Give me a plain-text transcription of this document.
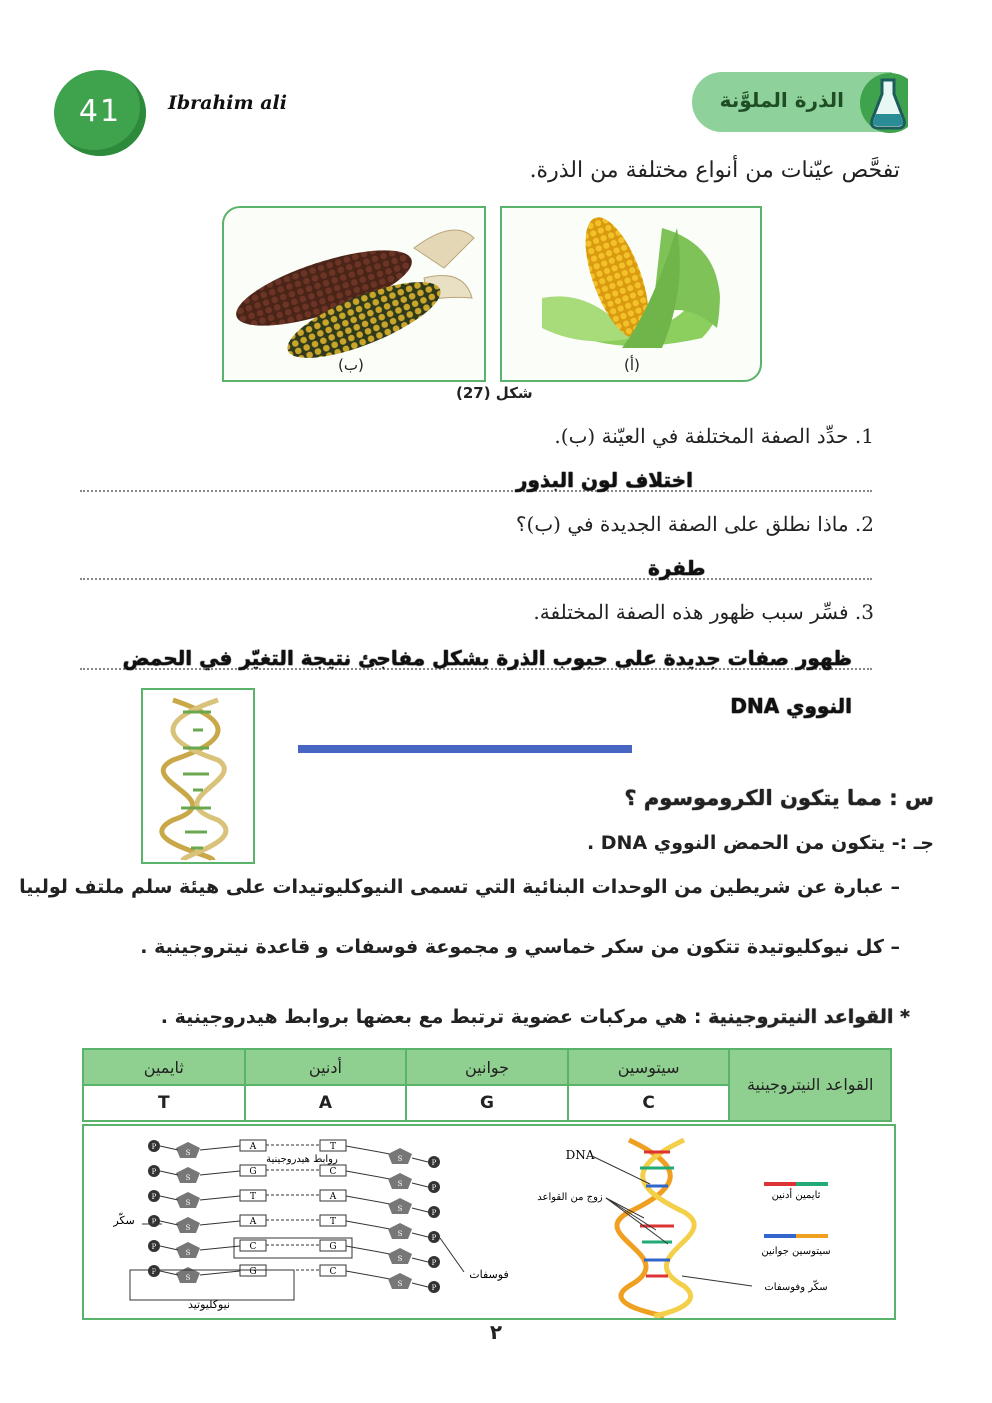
41	Ibrahim ali	الذرة الملوَّنة
تفحَّص عيّنات من أنواع مختلفة من الذرة.
(ب)	(أ)
شكل (27)
1. حدِّد الصفة المختلفة في العيّنة (ب).
اختلاف لون البذور
2. ماذا نطلق على الصفة الجديدة في (ب)؟
طفرة
3. فسِّر سبب ظهور هذه الصفة المختلفة.
ظهور صفات جديدة على حبوب الذرة بشكل مفاجئ نتيجة التغيّر في الحمض
النووي DNA
س : مما يتكون الكروموسوم ؟
جـ :- يتكون من الحمض النووي DNA .
– عبارة عن شريطين من الوحدات البنائية التي تسمى النيوكليوتيدات على هيئة سلم ملتف لولبيا
– كل نيوكليوتيدة تتكون من سكر خماسي و مجموعة فوسفات و قاعدة نيتروجينية .
* القواعد النيتروجينية : هي مركبات عضوية ترتبط مع بعضها بروابط هيدروجينية .
القواعد النيتروجينية	سيتوسين	جوانين	أدنين	ثايمين
	C	G	A	T
P
S
A	T
S	P
P
S
G	C
S	P
P
S
T	A
S	P
P
S
A	T
S	P
P
S
C	G
S	P
P
S
G	C
S	P
روابط هيدروجينية
سكّر
فوسفات
نيوكليوتيد
DNA
زوج من القواعد	ثايمين أدنين
سيتوسين جوانين
سكّر وفوسفات
٢
